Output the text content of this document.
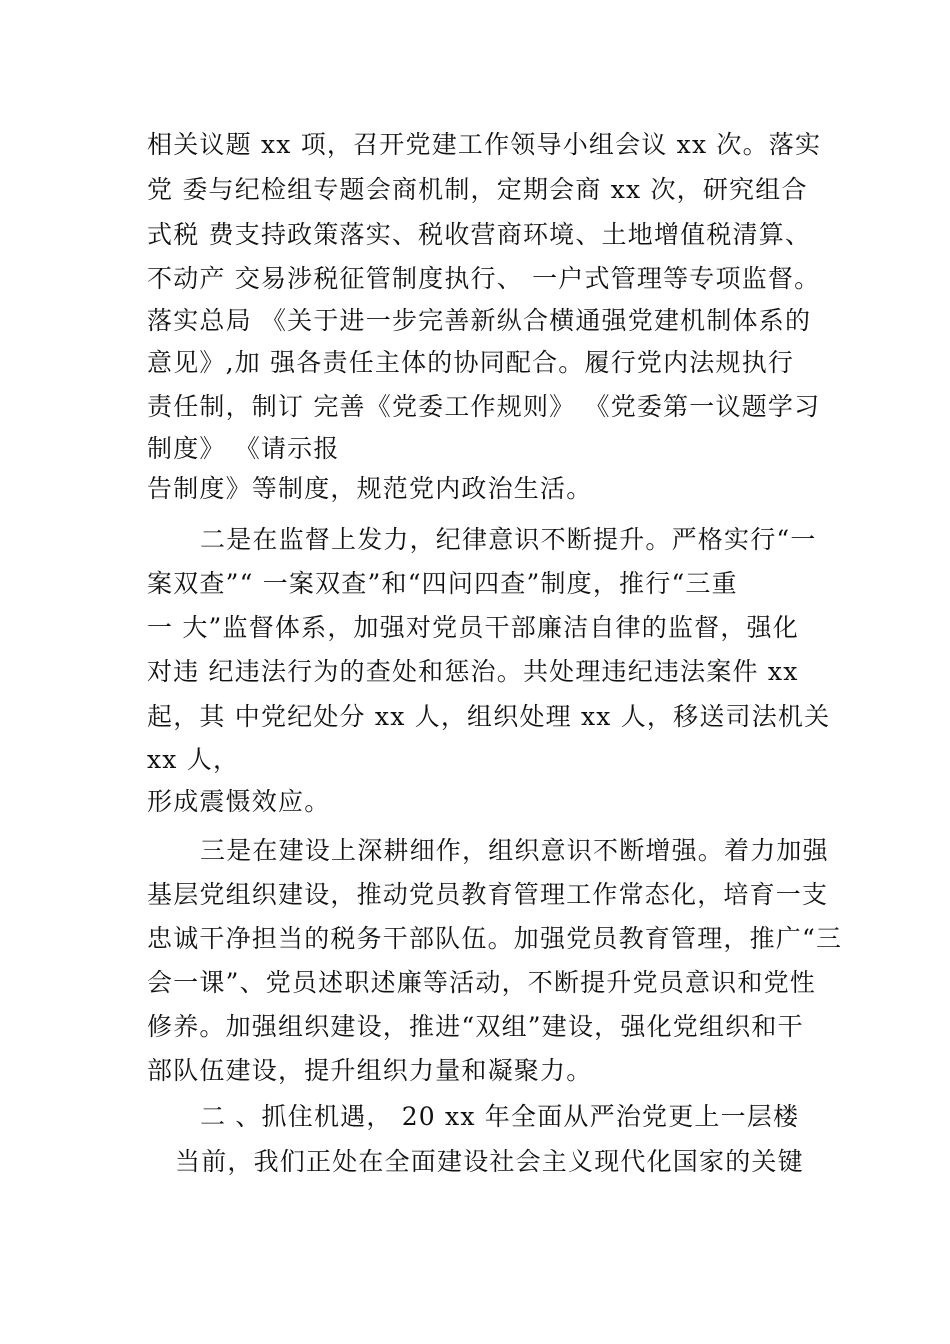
相关议题 xx 项，召开党建工作领导小组会议 xx 次。落实
党 委与纪检组专题会商机制，定期会商 xx 次，研究组合
式税 费支持政策落实、税收营商环境、土地增值税清算、
不动产 交易涉税征管制度执行、 一户式管理等专项监督。
落实总局 《关于进一步完善新纵合横通强党建机制体系的
意见》,加 强各责任主体的协同配合。履行党内法规执行
责任制，制订 完善《党委工作规则》 《党委第一议题学习
制度》 《请示报
告制度》等制度，规范党内政治生活。
二是在监督上发力，纪律意识不断提升。严格实行“一
案双查”“ 一案双查”和“四问四查”制度，推行“三重
一 大”监督体系，加强对党员干部廉洁自律的监督，强化
对违 纪违法行为的查处和惩治。共处理违纪违法案件 xx
起，其 中党纪处分 xx 人，组织处理 xx 人，移送司法机关
xx 人，
形成震慑效应。
三是在建设上深耕细作，组织意识不断增强。着力加强
基层党组织建设，推动党员教育管理工作常态化，培育一支
忠诚干净担当的税务干部队伍。加强党员教育管理，推广“三
会一课”、党员述职述廉等活动，不断提升党员意识和党性
修养。加强组织建设，推进“双组”建设，强化党组织和干
部队伍建设，提升组织力量和凝聚力。
二 、抓住机遇， 20 xx 年全面从严治党更上一层楼
当前，我们正处在全面建设社会主义现代化国家的关键
